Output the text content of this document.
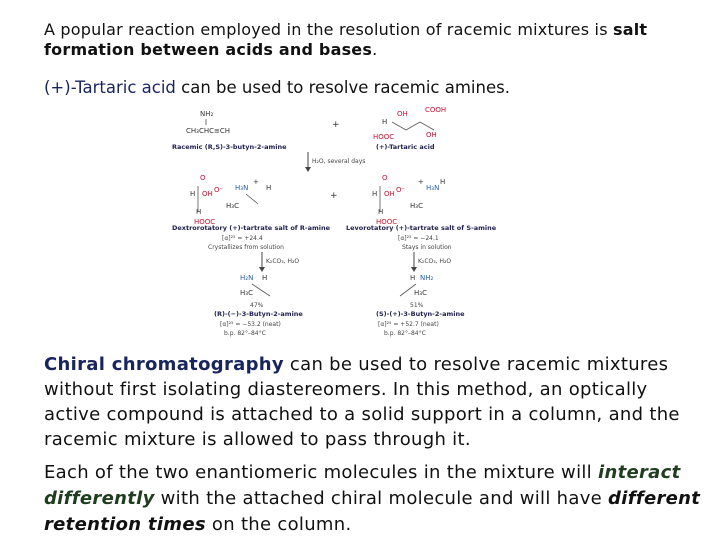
A popular reaction employed in the resolution of racemic mixtures is salt formation between acids and bases.

(+)-Tartaric acid can be used to resolve racemic amines.

NH₂
CH₃CHC≡CH
Racemic (R,S)-3-butyn-2-amine
+
OH COOH
H
OH
HOOC
(+)-Tartaric acid
H₂O, several days
O
O⁻ H₃N
+
H
OH
H
H₃C
H
HOOC
Dextrorotatory (+)-tartrate salt of R-amine
[α]²⁵ = +24.4
Crystallizes from solution
+
O
O⁻
+
H₃N
H
OH
H
H₃C
H
HOOC
Levorotatory (+)-tartrate salt of S-amine
[α]²⁵ = −24.1
Stays in solution
K₂CO₃, H₂O	K₂CO₃, H₂O
H₂N H
H₃C
47%
(R)-(−)-3-Butyn-2-amine
[α]²⁵ = −53.2 (neat)
b.p. 82°–84°C
H NH₂
H₃C
51%
(S)-(+)-3-Butyn-2-amine
[α]²⁵ = +52.7 (neat)
b.p. 82°–84°C

Chiral chromatography can be used to resolve racemic mixtures without first isolating diastereomers. In this method, an optically active compound is attached to a solid support in a column, and the racemic mixture is allowed to pass through it.

Each of the two enantiomeric molecules in the mixture will interact differently with the attached chiral molecule and will have different retention times on the column.
